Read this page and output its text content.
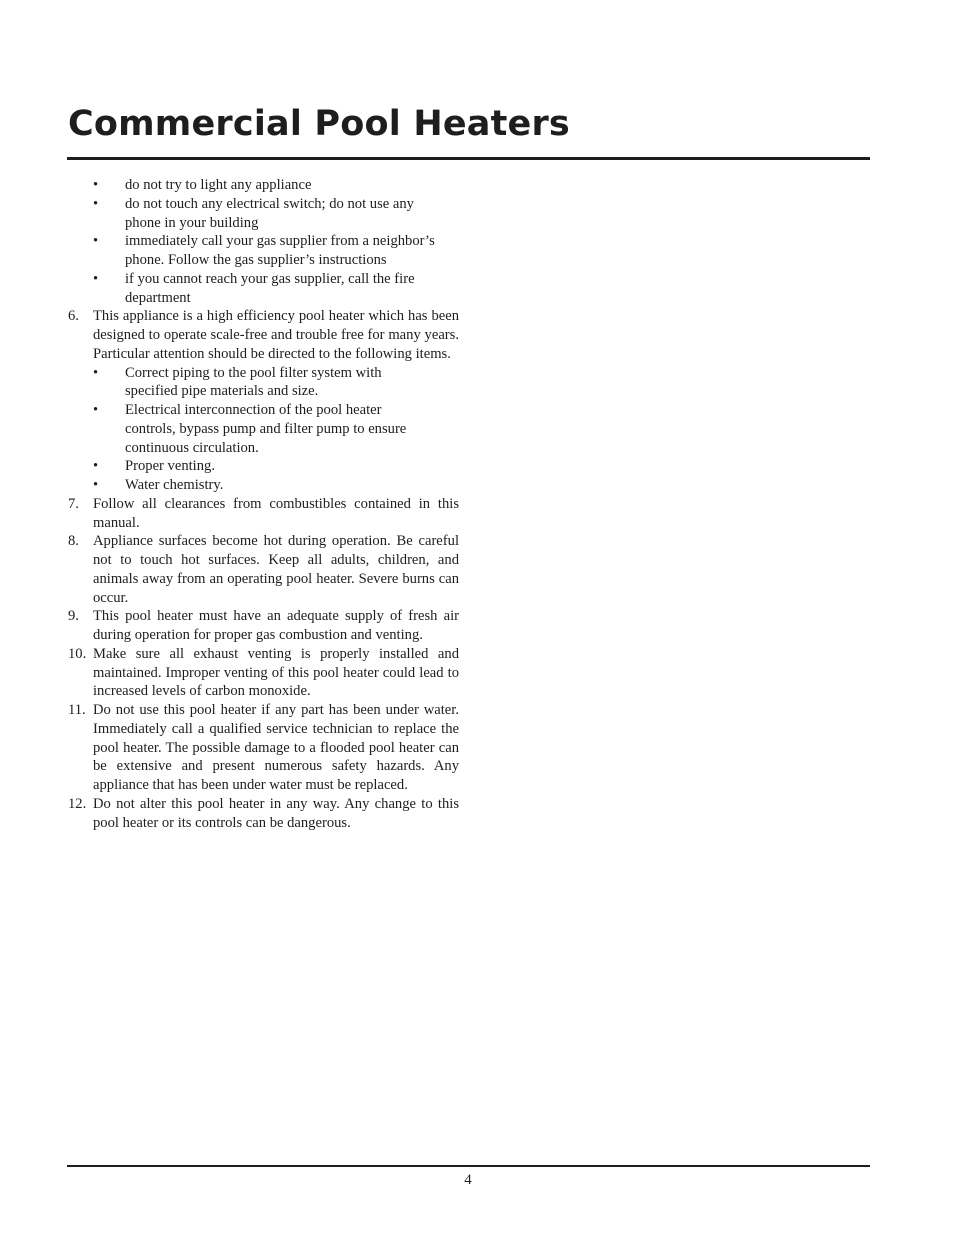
Commercial Pool Heaters
• do not try to light any appliance
• do not touch any electrical switch; do not use any phone in your building
• immediately call your gas supplier from a neighbor’s phone. Follow the gas supplier’s instructions
• if you cannot reach your gas supplier, call the fire department
6. This appliance is a high efficiency pool heater which has been designed to operate scale-free and trouble free for many years. Particular attention should be directed to the following items.
• Correct piping to the pool filter system with specified pipe materials and size.
• Electrical interconnection of the pool heater controls, bypass pump and filter pump to ensure continuous circulation.
• Proper venting.
• Water chemistry.
7. Follow all clearances from combustibles contained in this manual.
8. Appliance surfaces become hot during operation. Be careful not to touch hot surfaces. Keep all adults, children, and animals away from an operating pool heater. Severe burns can occur.
9. This pool heater must have an adequate supply of fresh air during operation for proper gas combustion and venting.
10. Make sure all exhaust venting is properly installed and maintained. Improper venting of this pool heater could lead to increased levels of carbon monoxide.
11. Do not use this pool heater if any part has been under water. Immediately call a qualified service technician to replace the pool heater. The possible damage to a flooded pool heater can be extensive and present numerous safety hazards. Any appliance that has been under water must be replaced.
12. Do not alter this pool heater in any way. Any change to this pool heater or its controls can be dangerous.
4
